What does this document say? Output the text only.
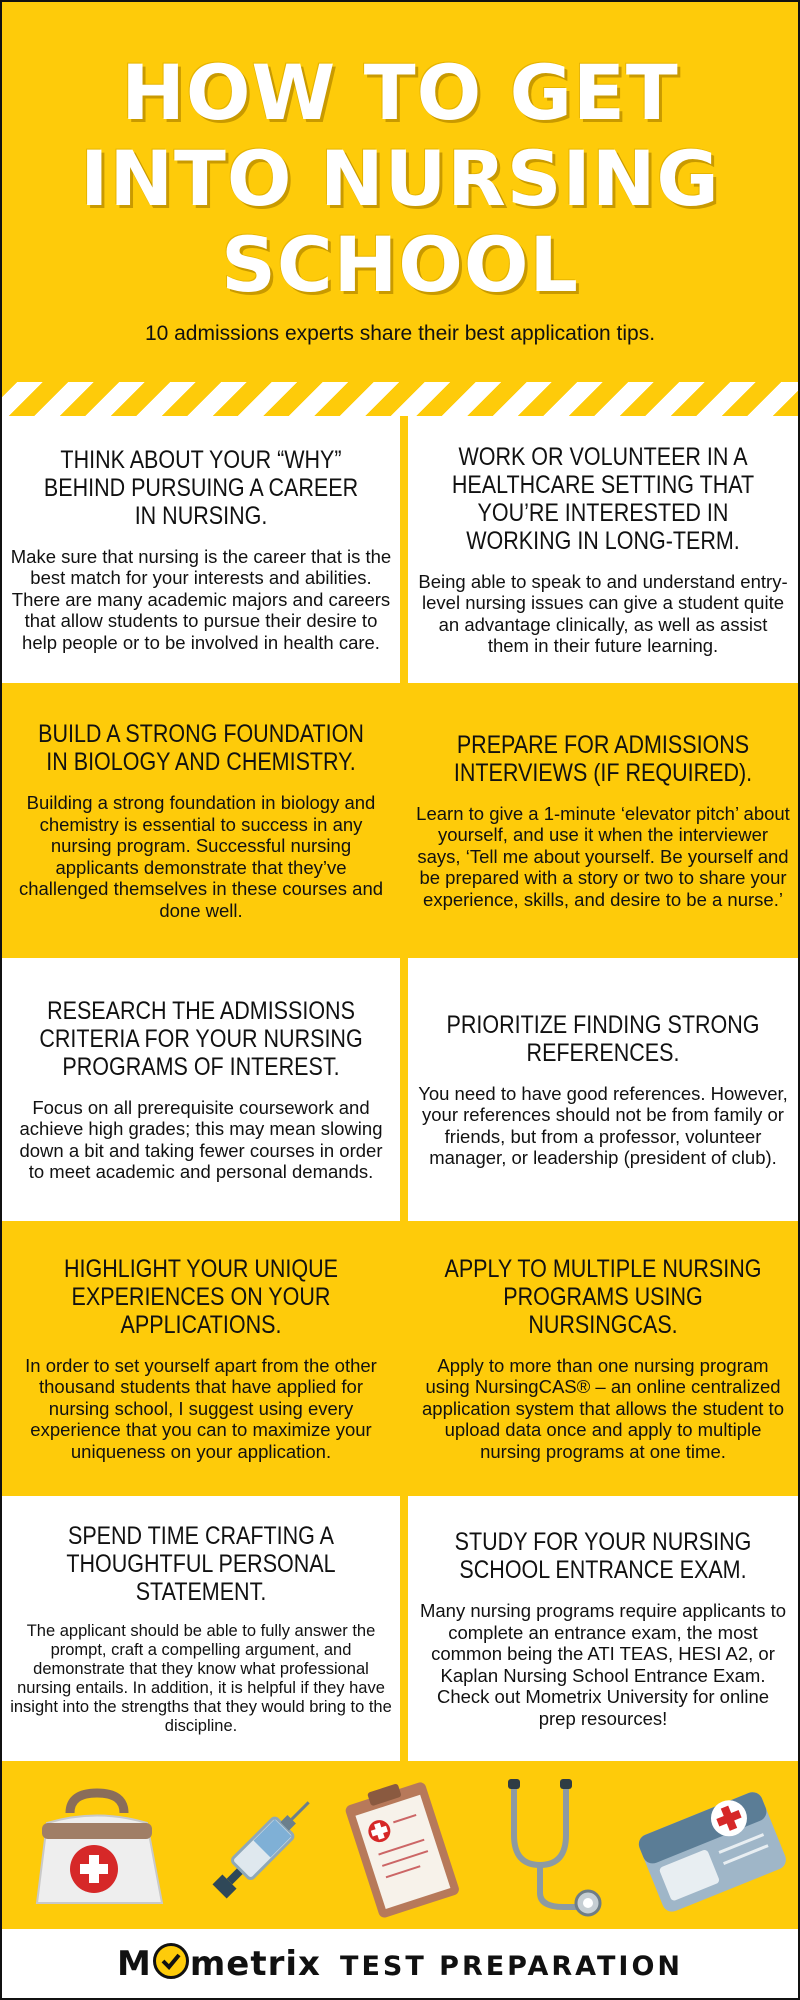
HOW TO GET
INTO NURSING
SCHOOL
10 admissions experts share their best application tips.
THINK ABOUT YOUR “WHY” BEHIND PURSUING A CAREER IN NURSING.

Make sure that nursing is the career that is the best match for your interests and abilities. There are many academic majors and careers that allow students to pursue their desire to help people or to be involved in health care.

WORK OR VOLUNTEER IN A HEALTHCARE SETTING THAT YOU’RE INTERESTED IN WORKING IN LONG-TERM.

Being able to speak to and understand entry-level nursing issues can give a student quite an advantage clinically, as well as assist them in their future learning.

BUILD A STRONG FOUNDATION IN BIOLOGY AND CHEMISTRY.

Building a strong foundation in biology and chemistry is essential to success in any nursing program. Successful nursing applicants demonstrate that they’ve challenged themselves in these courses and done well.

PREPARE FOR ADMISSIONS INTERVIEWS (IF REQUIRED).

Learn to give a 1-minute ‘elevator pitch’ about yourself, and use it when the interviewer says, ‘Tell me about yourself. Be yourself and be prepared with a story or two to share your experience, skills, and desire to be a nurse.’

RESEARCH THE ADMISSIONS CRITERIA FOR YOUR NURSING PROGRAMS OF INTEREST.

Focus on all prerequisite coursework and achieve high grades; this may mean slowing down a bit and taking fewer courses in order to meet academic and personal demands.

PRIORITIZE FINDING STRONG REFERENCES.

You need to have good references. However, your references should not be from family or friends, but from a professor, volunteer manager, or leadership (president of club).

HIGHLIGHT YOUR UNIQUE EXPERIENCES ON YOUR APPLICATIONS.

In order to set yourself apart from the other thousand students that have applied for nursing school, I suggest using every experience that you can to maximize your uniqueness on your application.

APPLY TO MULTIPLE NURSING PROGRAMS USING NURSINGCAS.

Apply to more than one nursing program using NursingCAS® – an online centralized application system that allows the student to upload data once and apply to multiple nursing programs at one time.

SPEND TIME CRAFTING A THOUGHTFUL PERSONAL STATEMENT.

The applicant should be able to fully answer the prompt, craft a compelling argument, and demonstrate that they know what professional nursing entails. In addition, it is helpful if they have insight into the strengths that they would bring to the discipline.

STUDY FOR YOUR NURSING SCHOOL ENTRANCE EXAM.

Many nursing programs require applicants to complete an entrance exam, the most common being the ATI TEAS, HESI A2, or Kaplan Nursing School Entrance Exam. Check out Mometrix University for online prep resources!

M metrix TEST PREPARATION
